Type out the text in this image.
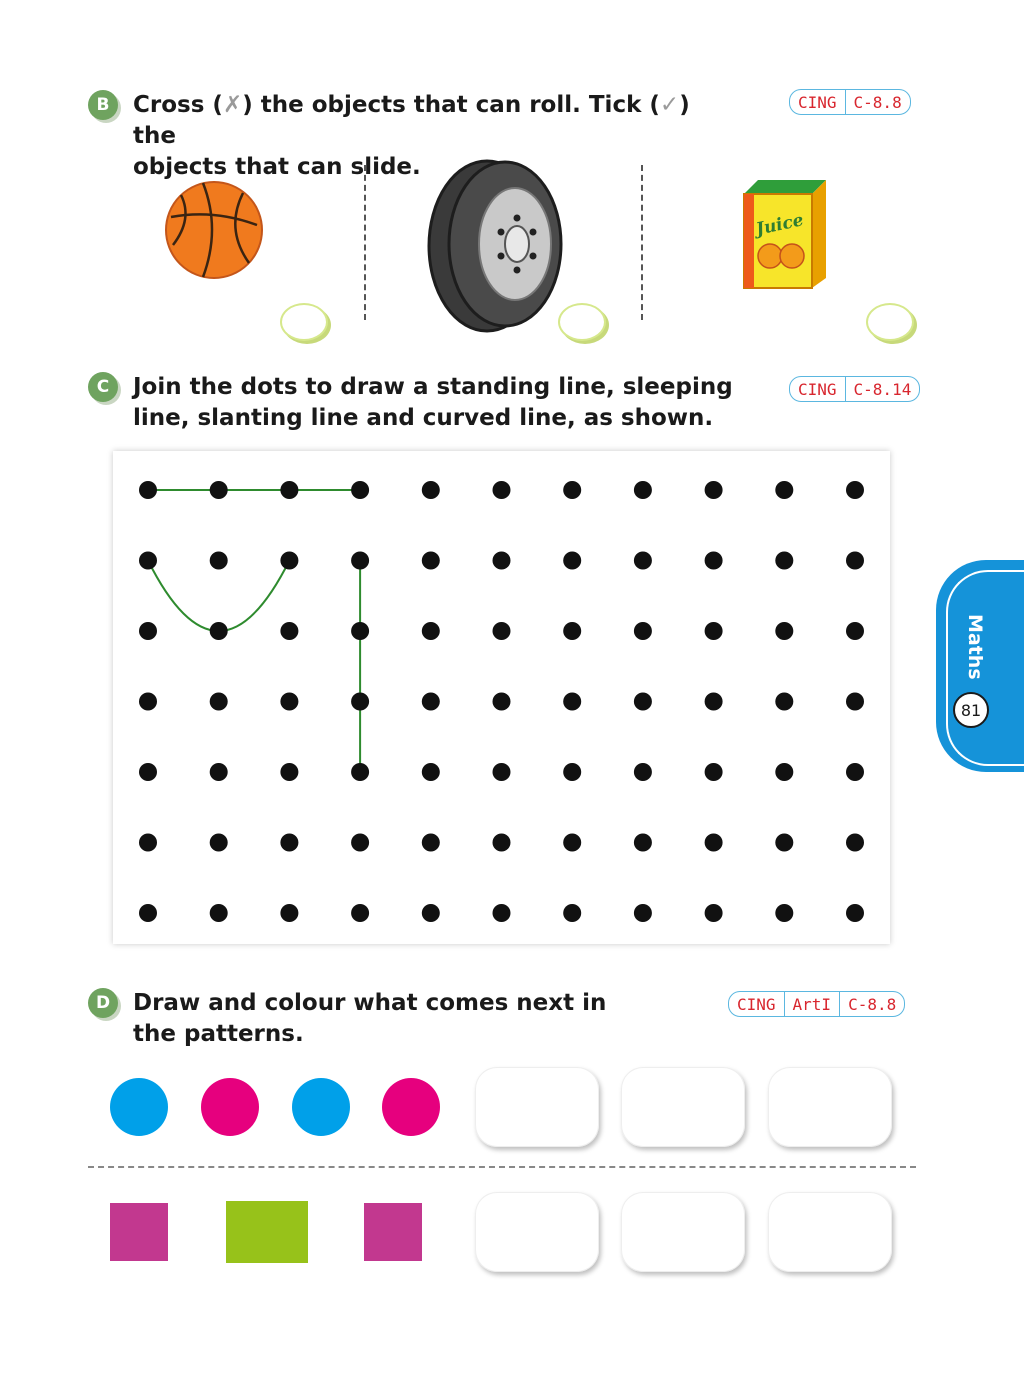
B	Cross (✗) the objects that can roll. Tick (✓) the
objects that can slide.
CING	C-8.8
Juice
C	Join the dots to draw a standing line, sleeping
line, slanting line and curved line, as shown.
CING	C-8.14
D Draw and colour what comes next in
the patterns.
CING	ArtI	C-8.8
Maths
81
